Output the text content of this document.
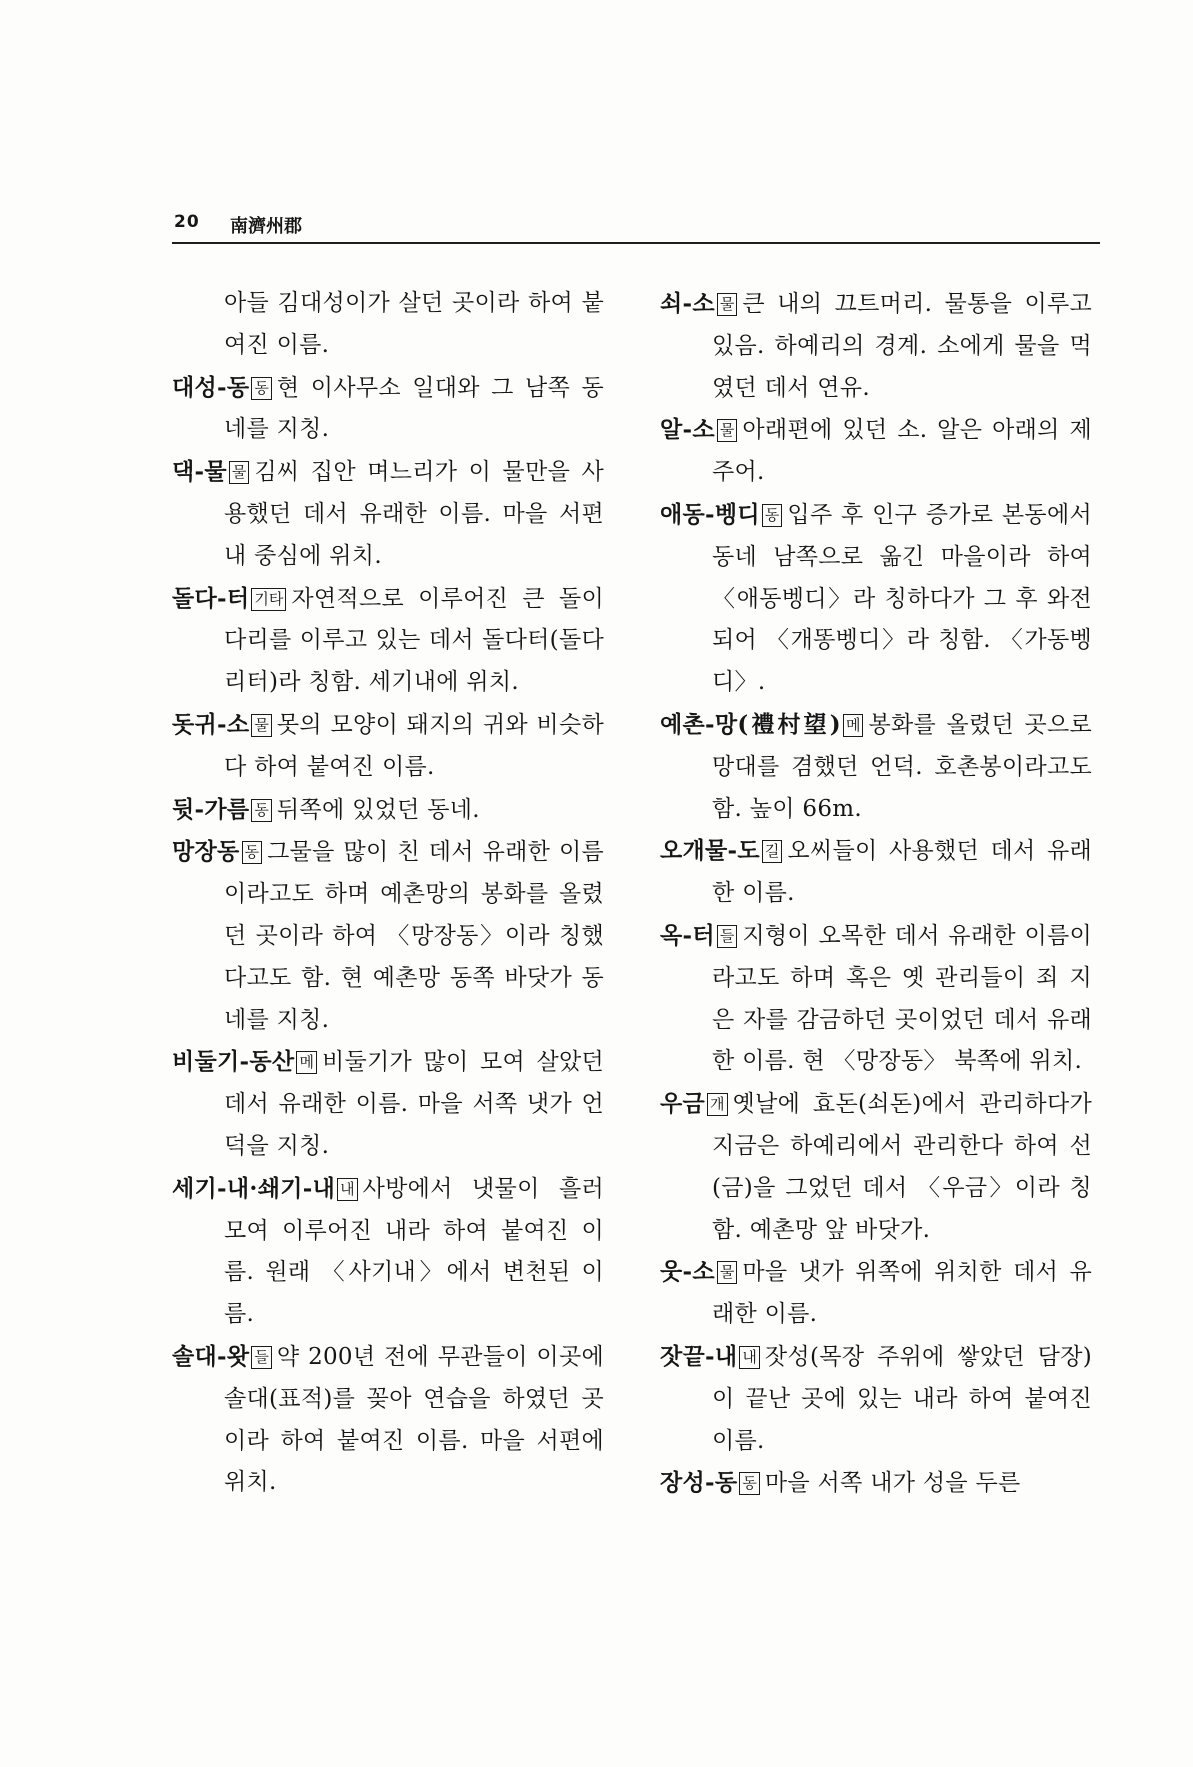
20 南濟州郡

아들 김대성이가 살던 곳이라 하여 붙여진 이름.

대성-동 동 현 이사무소 일대와 그 남쪽 동네를 지칭.

댁-물 물 김씨 집안 며느리가 이 물만을 사용했던 데서 유래한 이름. 마을 서편 내 중심에 위치.

돌다-터 기타 자연적으로 이루어진 큰 돌이 다리를 이루고 있는 데서 돌다터(돌다리터)라 칭함. 세기내에 위치.

돗귀-소 물 못의 모양이 돼지의 귀와 비슷하다 하여 붙여진 이름.

뒷-가름 동 뒤쪽에 있었던 동네.

망장동 동 그물을 많이 친 데서 유래한 이름이라고도 하며 예촌망의 봉화를 올렸던 곳이라 하여 〈망장동〉이라 칭했다고도 함. 현 예촌망 동쪽 바닷가 동네를 지칭.

비둘기-동산 메 비둘기가 많이 모여 살았던 데서 유래한 이름. 마을 서쪽 냇가 언덕을 지칭.

세기-내·쇄기-내 내 사방에서 냇물이 흘러 모여 이루어진 내라 하여 붙여진 이름. 원래 〈사기내〉에서 변천된 이름.

솔대-왓 들 약 200년 전에 무관들이 이곳에 솔대(표적)를 꽂아 연습을 하였던 곳이라 하여 붙여진 이름. 마을 서편에 위치.

쇠-소 물 큰 내의 끄트머리. 물통을 이루고 있음. 하예리의 경계. 소에게 물을 먹였던 데서 연유.

알-소 물 아래편에 있던 소. 알은 아래의 제주어.

애동-벵디 동 입주 후 인구 증가로 본동에서 동네 남쪽으로 옮긴 마을이라 하여 〈애동벵디〉라 칭하다가 그 후 와전되어 〈개똥벵디〉라 칭함. 〈가동벵디〉.

예촌-망(禮村望) 메 봉화를 올렸던 곳으로 망대를 겸했던 언덕. 호촌봉이라고도 함. 높이 66m.

오개물-도 길 오씨들이 사용했던 데서 유래한 이름.

옥-터 들 지형이 오목한 데서 유래한 이름이라고도 하며 혹은 옛 관리들이 죄 지은 자를 감금하던 곳이었던 데서 유래한 이름. 현 〈망장동〉 북쪽에 위치.

우금 개 옛날에 효돈(쇠돈)에서 관리하다가 지금은 하예리에서 관리한다 하여 선(금)을 그었던 데서 〈우금〉이라 칭함. 예촌망 앞 바닷가.

웃-소 물 마을 냇가 위쪽에 위치한 데서 유래한 이름.

잣끝-내 내 잣성(목장 주위에 쌓았던 담장)이 끝난 곳에 있는 내라 하여 붙여진 이름.

장성-동 동 마을 서쪽 내가 성을 두른
